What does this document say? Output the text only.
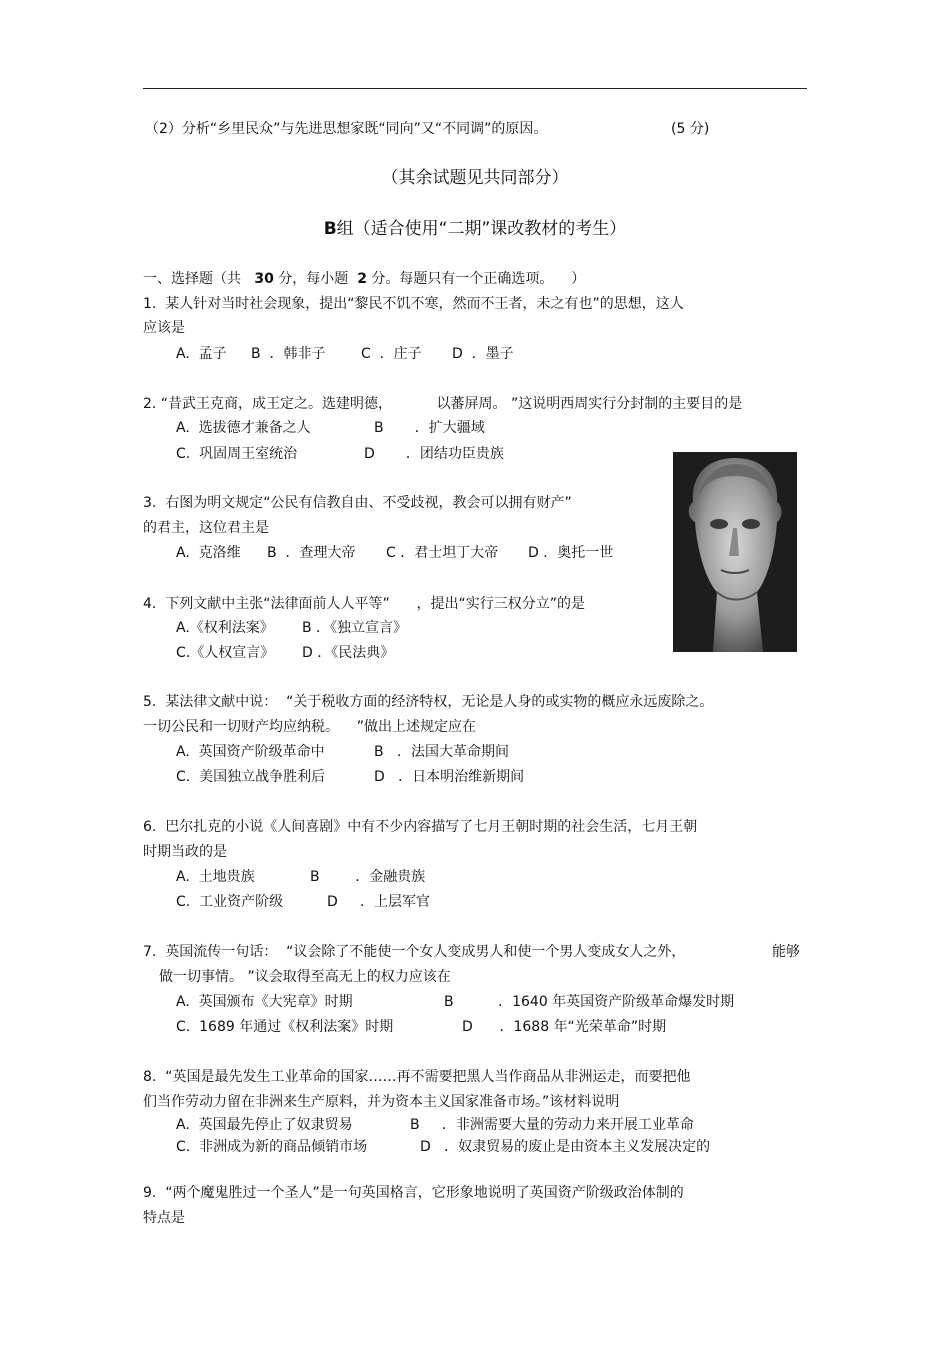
（2）分析“乡里民众”与先进思想家既“同向”又“不同调”的原因。	(5 分)
（其余试题见共同部分）
B组（适合使用“二期”课改教材的考生）
一、选择题（共 30 分，每小题 2 分。每题只有一个正确选项。    ）
1.  某人针对当时社会现象，提出“黎民不饥不寒，然而不王者，未之有也”的思想，这人
应该是
A.  孟子 B  ．韩非子	C  ．庄子 D  ．墨子
2. “昔武王克商，成王定之。选建明德，          以蕃屏周。 ”这说明西周实行分封制的主要目的是
A.  选拔德才兼备之人	B       ．扩大疆域
C.  巩固周王室统治	D       ．团结功臣贵族
3.  右图为明文规定“公民有信教自由、不受歧视，教会可以拥有财产”
的君主，这位君主是
A.  克洛维 B  ．查理大帝 C ．君士坦丁大帝 D ．奥托一世
4.  下列文献中主张“法律面前人人平等”      ，提出“实行三权分立”的是
A.《权利法案》 B ．《独立宣言》
C.《人权宣言》 D ．《民法典》
5.  某法律文献中说：  “关于税收方面的经济特权，无论是人身的或实物的概应永远废除之。
一切公民和一切财产均应纳税。    ”做出上述规定应在
A.  英国资产阶级革命中	B   ．法国大革命期间
C.  美国独立战争胜利后	D   ．日本明治维新期间
6.  巴尔扎克的小说《人间喜剧》中有不少内容描写了七月王朝时期的社会生活，七月王朝
时期当政的是
A.  土地贵族	B        ．金融贵族
C.  工业资产阶级	D     ．上层军官
7.  英国流传一句话：  “议会除了不能使一个女人变成男人和使一个男人变成女人之外，	能够
做一切事情。 ”议会取得至高无上的权力应该在
A.  英国颁布《大宪章》时期	B          ．1640 年英国资产阶级革命爆发时期
C.  1689 年通过《权利法案》时期	D      ．1688 年“光荣革命”时期
8.  “英国是最先发生工业革命的国家……再不需要把黑人当作商品从非洲运走，而要把他
们当作劳动力留在非洲来生产原料，并为资本主义国家准备市场。”该材料说明
A.  英国最先停止了奴隶贸易	B     ．非洲需要大量的劳动力来开展工业革命
C.  非洲成为新的商品倾销市场	D   ．奴隶贸易的废止是由资本主义发展决定的
9.  “两个魔鬼胜过一个圣人”是一句英国格言，它形象地说明了英国资产阶级政治体制的
特点是
